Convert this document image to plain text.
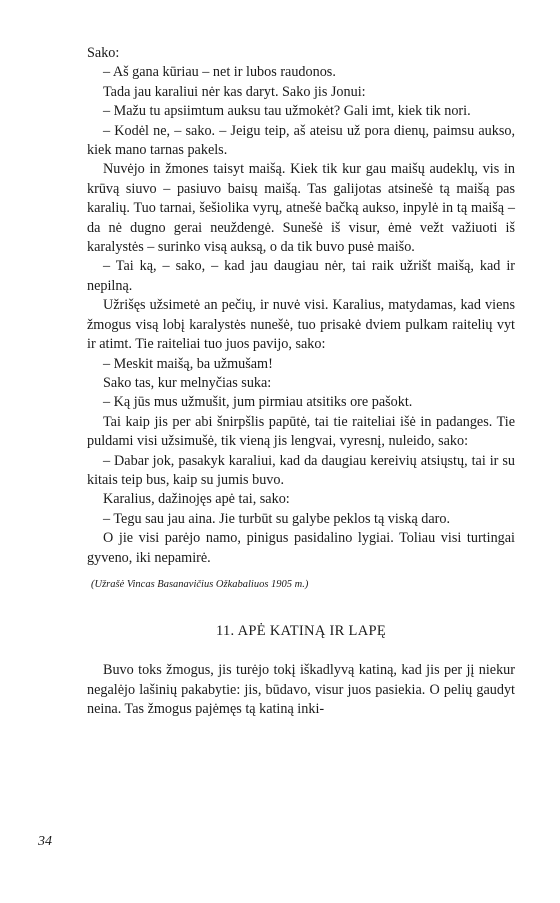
Sako:

– Aš gana kūriau – net ir lubos raudonos.

Tada jau karaliui nėr kas daryt. Sako jis Jonui:

– Mažu tu apsiimtum auksu tau užmokėt? Gali imt, kiek tik nori.

– Kodėl ne, – sako. – Jeigu teip, aš ateisu už pora dienų, paimsu aukso, kiek mano tarnas pakels.

Nuvėjo in žmones taisyt maišą. Kiek tik kur gau maišų audeklų, vis in krūvą siuvo – pasiuvo baisų maišą. Tas galijotas atsinešė tą maišą pas karalių. Tuo tarnai, šešiolika vyrų, atnešė bačką aukso, inpylė in tą maišą – da nė dugno gerai neuždengė. Sunešė iš visur, ėmė vežt važiuoti iš karalystės – surinko visą auksą, o da tik buvo pusė maišo.

– Tai ką, – sako, – kad jau daugiau nėr, tai raik užrišt maišą, kad ir nepilną.

Užrišęs užsimetė an pečių, ir nuvė visi. Karalius, matydamas, kad viens žmogus visą lobį karalystės nunešė, tuo prisakė dviem pulkam raitelių vyt ir atimt. Tie raiteliai tuo juos pavijo, sako:

– Meskit maišą, ba užmušam!

Sako tas, kur melnyčias suka:

– Ką jūs mus užmušit, jum pirmiau atsitiks ore pašokt.

Tai kaip jis per abi šnirpšlis papūtė, tai tie raiteliai išė in padanges. Tie puldami visi užsimušė, tik vieną jis lengvai, vyresnį, nuleido, sako:

– Dabar jok, pasakyk karaliui, kad da daugiau kereivių atsiųstų, tai ir su kitais teip bus, kaip su jumis buvo.

Karalius, dažinojęs apė tai, sako:

– Tegu sau jau aina. Jie turbūt su galybe peklos tą viską daro.

O jie visi parėjo namo, pinigus pasidalino lygiai. Toliau visi turtingai gyveno, iki nepamirė.

(Užrašė Vincas Basanavičius Ožkabaliuos 1905 m.)

11. APĖ KATINĄ IR LAPĘ

Buvo toks žmogus, jis turėjo tokį iškadlyvą katiną, kad jis per jį niekur negalėjo lašinių pakabytie: jis, būdavo, visur juos pasiekia. O pelių gaudyt neina. Tas žmogus pajėmęs tą katiną inki-

34
